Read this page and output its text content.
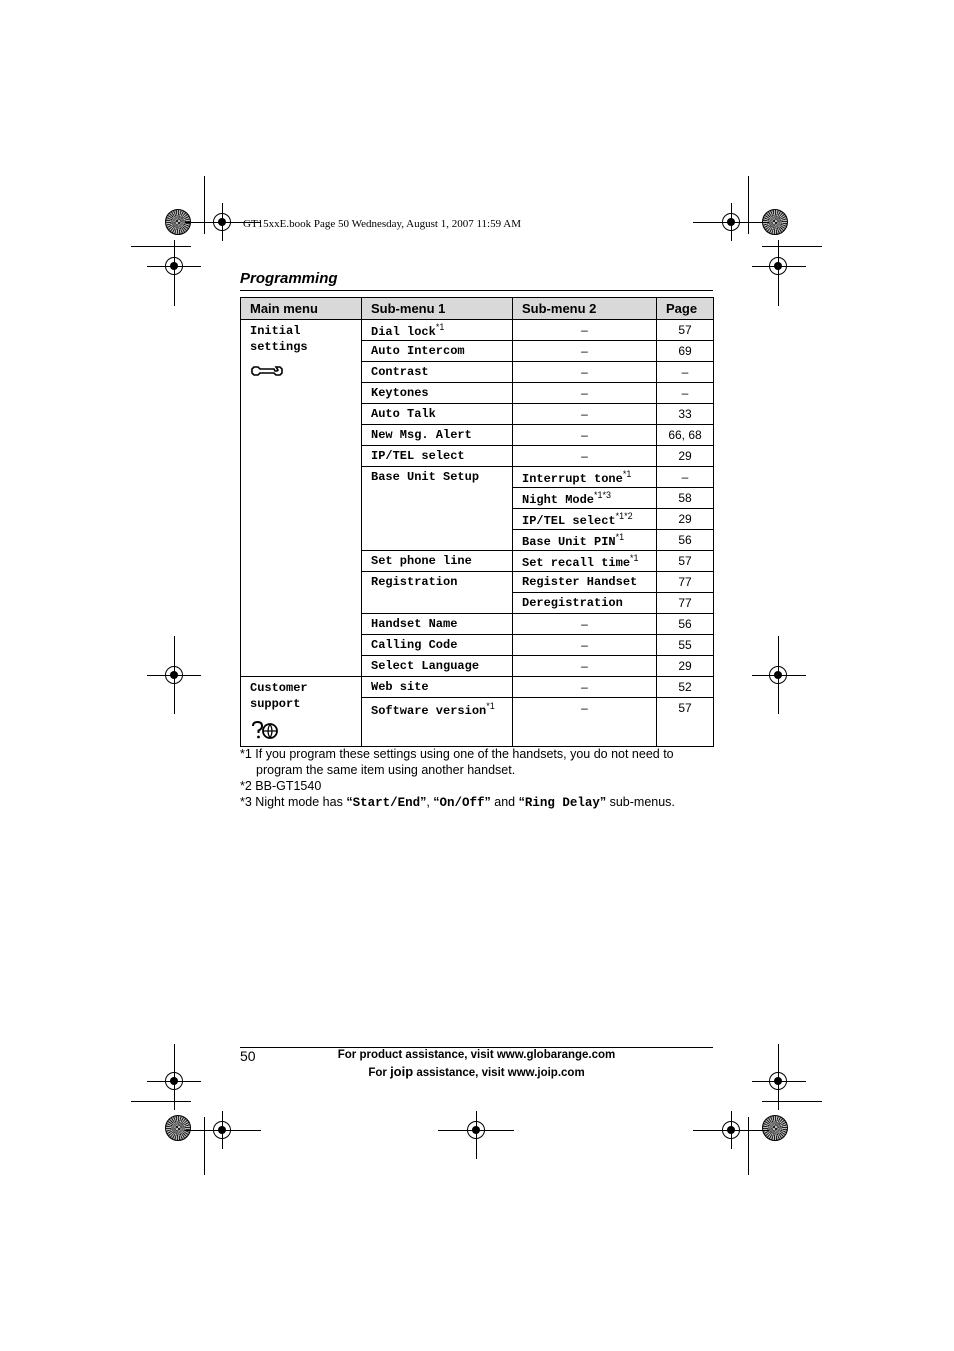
GT15xxE.book Page 50 Wednesday, August 1, 2007 11:59 AM
Programming
Main menu	Sub-menu 1	Sub-menu 2	Page

Initial
settings	Dial lock$^{*1}$	–	57
	Auto Intercom	–	69
	Contrast	–	–
	Keytones	–	–
	Auto Talk	–	33
	New Msg. Alert	–	66, 68
	IP/TEL select	–	29
	Base Unit Setup	Interrupt tone$^{*1}$	–
		Night Mode$^{*1*3}$	58
		IP/TEL select$^{*1*2}$	29
		Base Unit PIN$^{*1}$	56
	Set phone line	Set recall time$^{*1}$	57
	Registration	Register Handset	77
		Deregistration	77
	Handset Name	–	56
	Calling Code	–	55
	Select Language	–	29

Customer
support	Web site	–	52
	Software version$^{*1}$	–	57
*1 If you program these settings using one of the handsets, you do not need to
program the same item using another handset.
*2 BB-GT1540
*3 Night mode has “Start/End”, “On/Off” and “Ring Delay” sub-menus.
50	For product assistance, visit www.globarange.com
For joip assistance, visit www.joip.com
